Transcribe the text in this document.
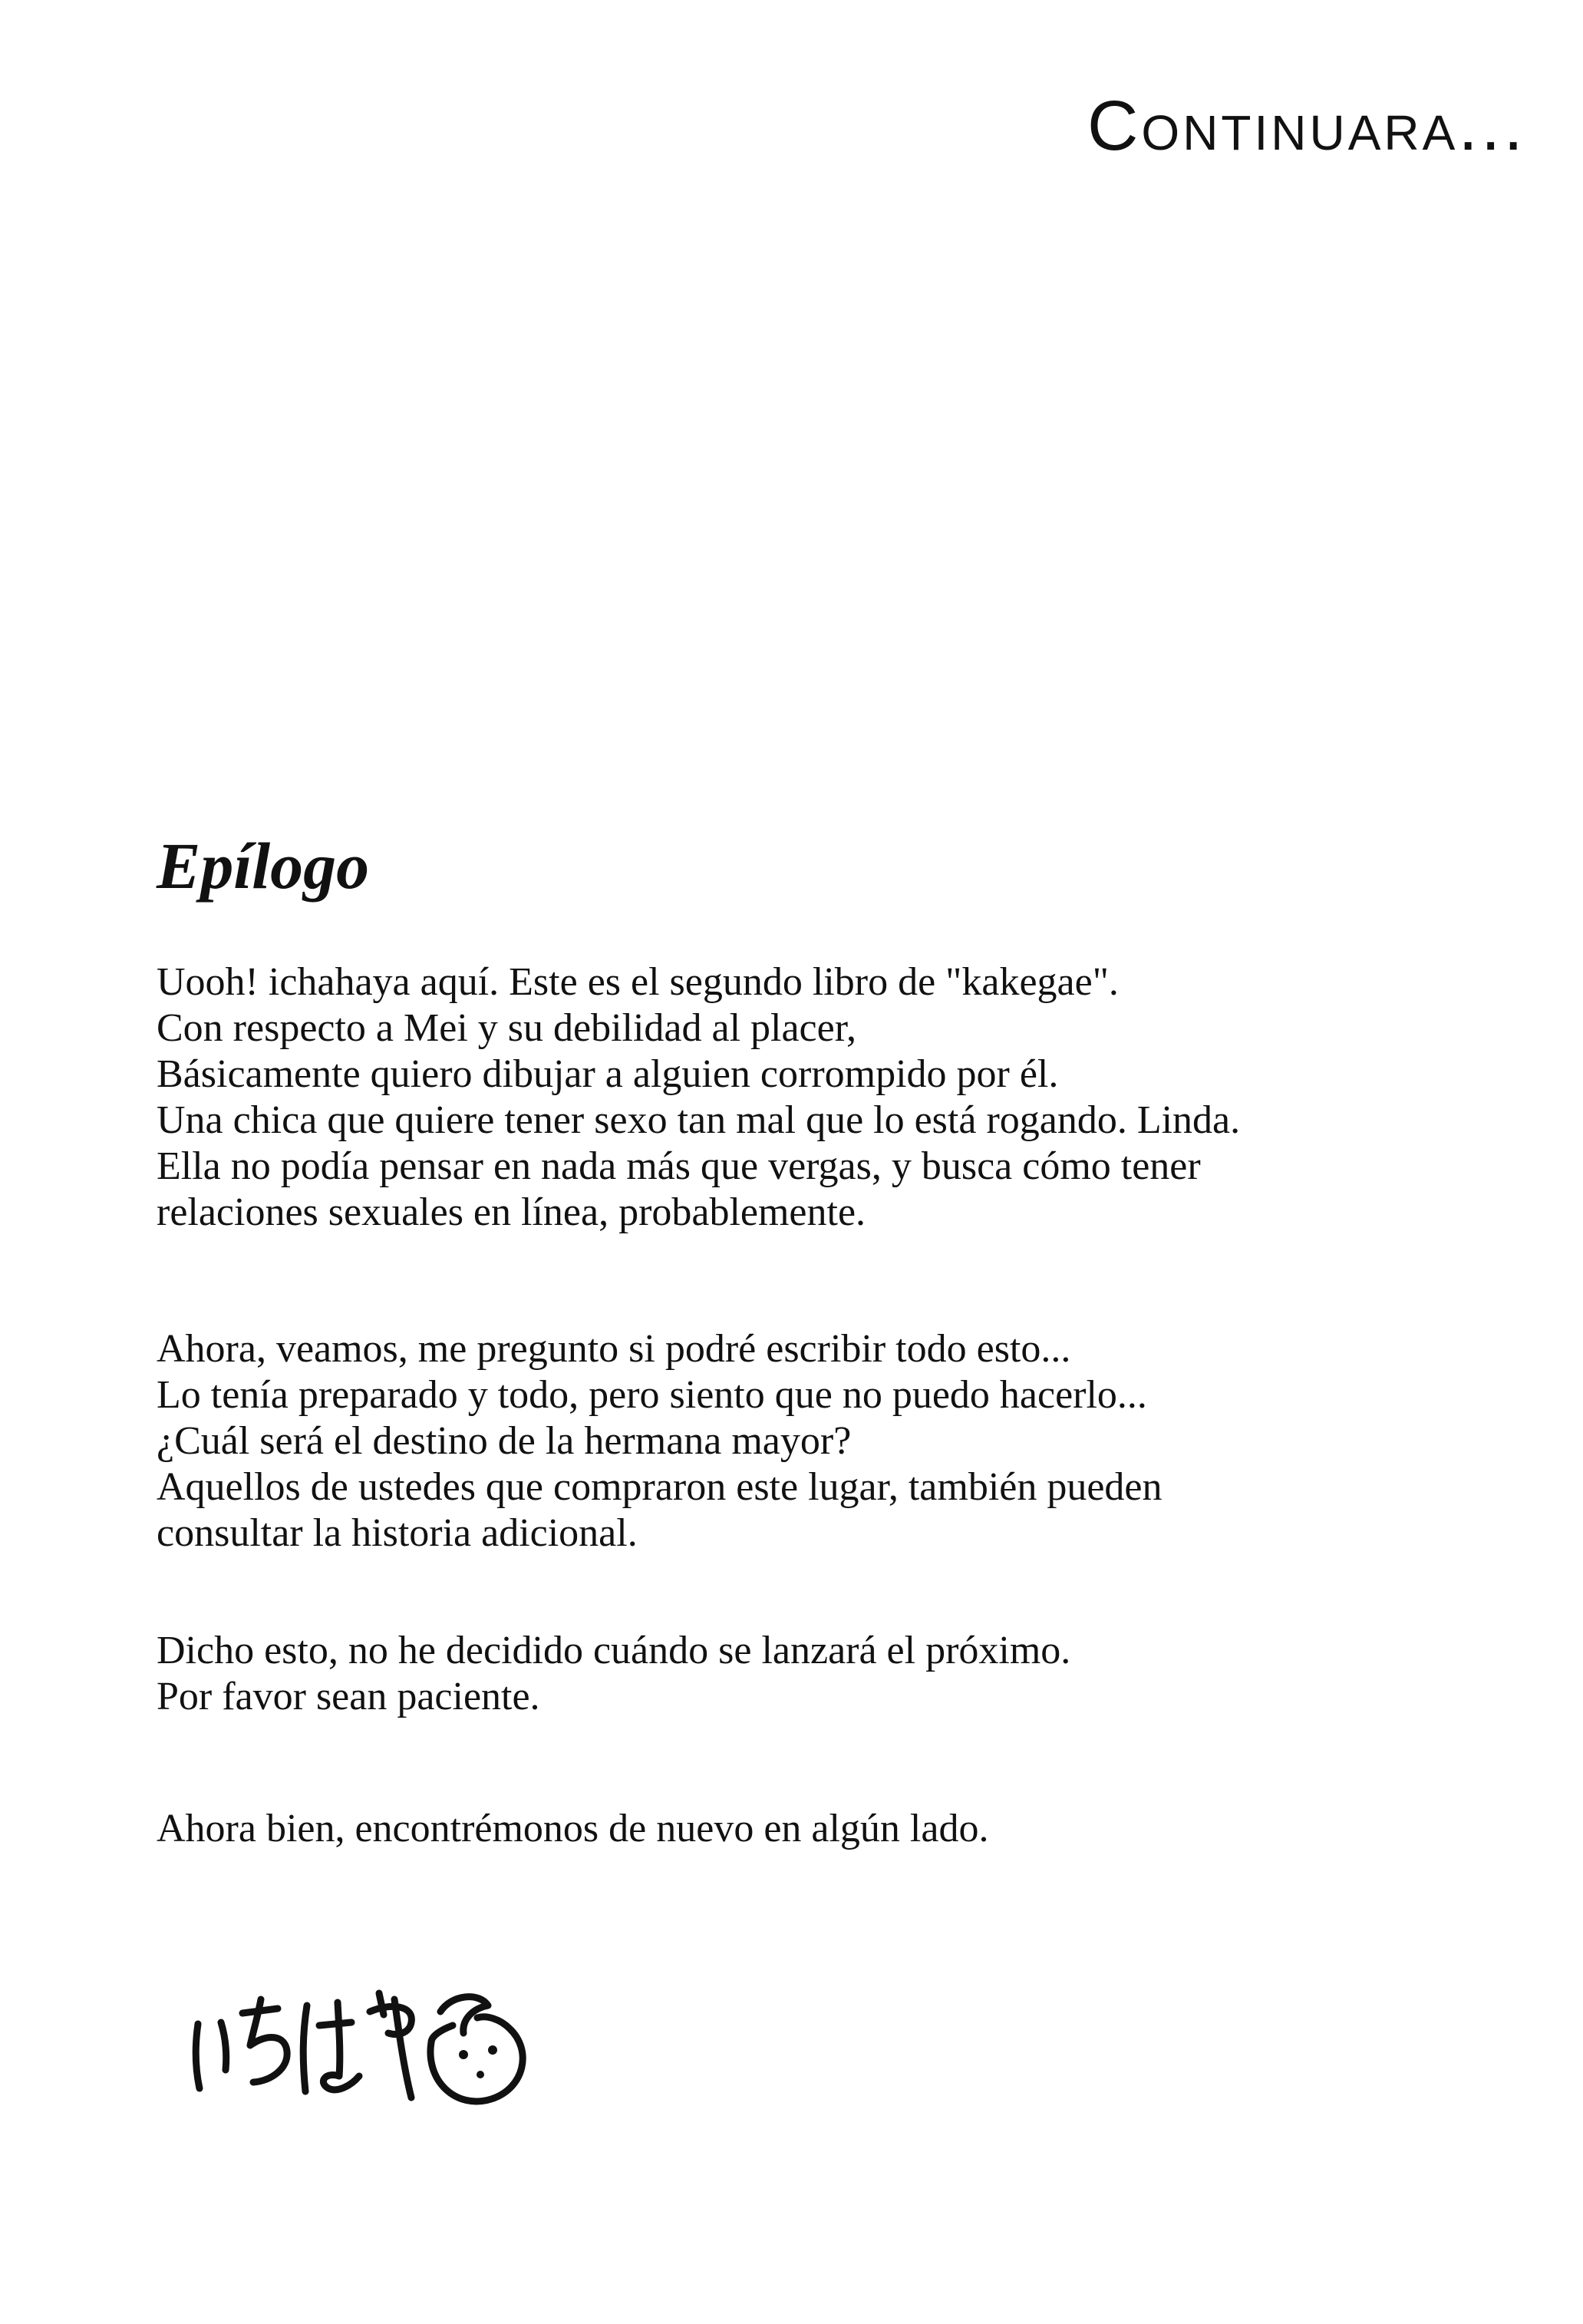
Continuara...
Epílogo

Uooh! ichahaya aquí. Este es el segundo libro de "kakegae".
Con respecto a Mei y su debilidad al placer,
Básicamente quiero dibujar a alguien corrompido por él.
Una chica que quiere tener sexo tan mal que lo está rogando. Linda.
Ella no podía pensar en nada más que vergas, y busca cómo tener
relaciones sexuales en línea, probablemente.

Ahora, veamos, me pregunto si podré escribir todo esto...
Lo tenía preparado y todo, pero siento que no puedo hacerlo...
¿Cuál será el destino de la hermana mayor?
Aquellos de ustedes que compraron este lugar, también pueden
consultar la historia adicional.

Dicho esto, no he decidido cuándo se lanzará el próximo.
Por favor sean paciente.

Ahora bien, encontrémonos de nuevo en algún lado.
